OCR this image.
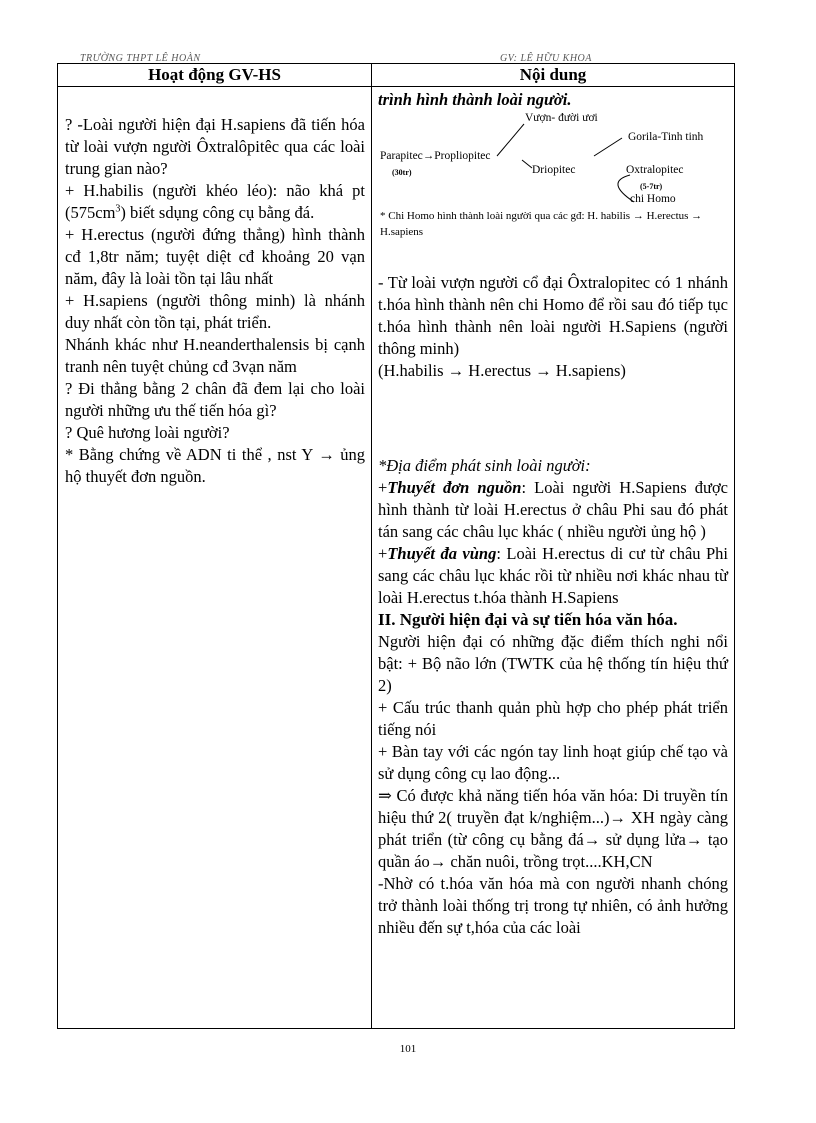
TRƯỜNG THPT LÊ HOÀN	GV: LÊ HỮU KHOA
Hoạt động GV-HS	Nội dung

? -Loài người hiện đại H.sapiens đã tiến hóa từ loài vượn người Ôxtralôpitêc qua các loài trung gian nào?

+ H.habilis (người khéo léo): não khá pt $(575cm^3)$ biết sdụng công cụ bằng đá.

+ H.erectus (người đứng thẳng) hình thành cđ 1,8tr năm; tuyệt diệt cđ khoảng 20 vạn năm, đây là loài tồn tại lâu nhất

+ H.sapiens (người thông minh) là nhánh duy nhất còn tồn tại, phát triển.

Nhánh khác như H.neanderthalensis bị cạnh tranh nên tuyệt chủng cđ 3vạn năm

? Đi thẳng bằng 2 chân đã đem lại cho loài người những ưu thế tiến hóa gì?

? Quê hương loài người?

* Bằng chứng về ADN ti thể , nst Y → ủng hộ thuyết đơn nguồn.

trình hình thành loài người.
Vượn- đười ươi
Gorila-Tinh tinh
Parapitec→Propliopitec
(30tr)	Driopitec	Oxtralopitec
(5-7tr)
chi Homo
* Chi Homo hình thành loài người qua các gđ: H. habilis → H.erectus → H.sapiens

- Từ loài vượn người cổ đại Ôxtralopitec có 1 nhánh t.hóa hình thành nên chi Homo để rồi sau đó tiếp tục t.hóa hình thành nên loài người H.Sapiens (người thông minh)

(H.habilis → H.erectus → H.sapiens)

*Địa điểm phát sinh loài người:

+Thuyết đơn nguồn: Loài người H.Sapiens được hình thành từ loài H.erectus ở châu Phi sau đó phát tán sang các châu lục khác ( nhiều người ủng hộ )

+Thuyết đa vùng: Loài H.erectus di cư từ châu Phi sang các châu lục khác rồi từ nhiều nơi khác nhau từ loài H.erectus t.hóa thành H.Sapiens

II. Người hiện đại và sự tiến hóa văn hóa.

Người hiện đại có những đặc điểm thích nghi nổi bật: + Bộ não lớn (TWTK của hệ thống tín hiệu thứ 2)

+ Cấu trúc thanh quản phù hợp cho phép phát triển tiếng nói

+ Bàn tay với các ngón tay linh hoạt giúp chế tạo và sử dụng công cụ lao động...

⇒ Có được khả năng tiến hóa văn hóa: Di truyền tín hiệu thứ 2( truyền đạt k/nghiệm...)→ XH ngày càng phát triển (từ công cụ bằng đá→ sử dụng lửa→ tạo quần áo→ chăn nuôi, trồng trọt....KH,CN

-Nhờ có t.hóa văn hóa mà con người nhanh chóng trở thành loài thống trị trong tự nhiên, có ảnh hưởng nhiều đến sự t,hóa của các loài

101
